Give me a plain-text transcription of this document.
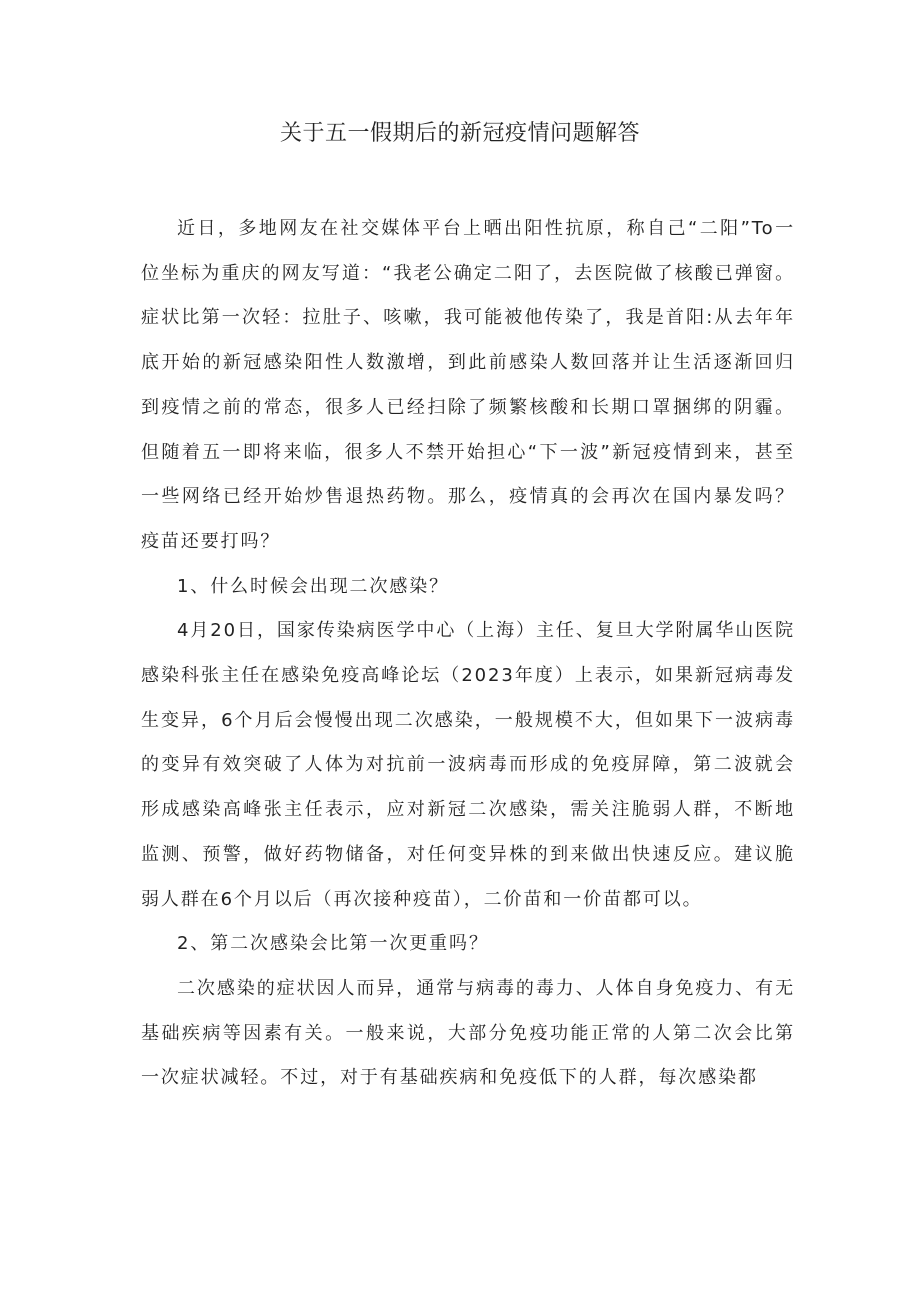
关于五一假期后的新冠疫情问题解答

近日，多地网友在社交媒体平台上晒出阳性抗原，称自己“二阳”To一位坐标为重庆的网友写道：“我老公确定二阳了，去医院做了核酸已弹窗。症状比第一次轻：拉肚子、咳嗽，我可能被他传染了，我是首阳:从去年年底开始的新冠感染阳性人数激增，到此前感染人数回落并让生活逐渐回归到疫情之前的常态，很多人已经扫除了频繁核酸和长期口罩捆绑的阴霾。但随着五一即将来临，很多人不禁开始担心“下一波”新冠疫情到来，甚至一些网络已经开始炒售退热药物。那么，疫情真的会再次在国内暴发吗？疫苗还要打吗？

1、什么时候会出现二次感染？

4月20日，国家传染病医学中心（上海）主任、复旦大学附属华山医院感染科张主任在感染免疫高峰论坛（2023年度）上表示，如果新冠病毒发生变异，6个月后会慢慢出现二次感染，一般规模不大，但如果下一波病毒的变异有效突破了人体为对抗前一波病毒而形成的免疫屏障，第二波就会形成感染高峰张主任表示，应对新冠二次感染，需关注脆弱人群，不断地监测、预警，做好药物储备，对任何变异株的到来做出快速反应。建议脆弱人群在6个月以后（再次接种疫苗），二价苗和一价苗都可以。

2、第二次感染会比第一次更重吗？

二次感染的症状因人而异，通常与病毒的毒力、人体自身免疫力、有无基础疾病等因素有关。一般来说，大部分免疫功能正常的人第二次会比第一次症状减轻。不过，对于有基础疾病和免疫低下的人群，每次感染都
